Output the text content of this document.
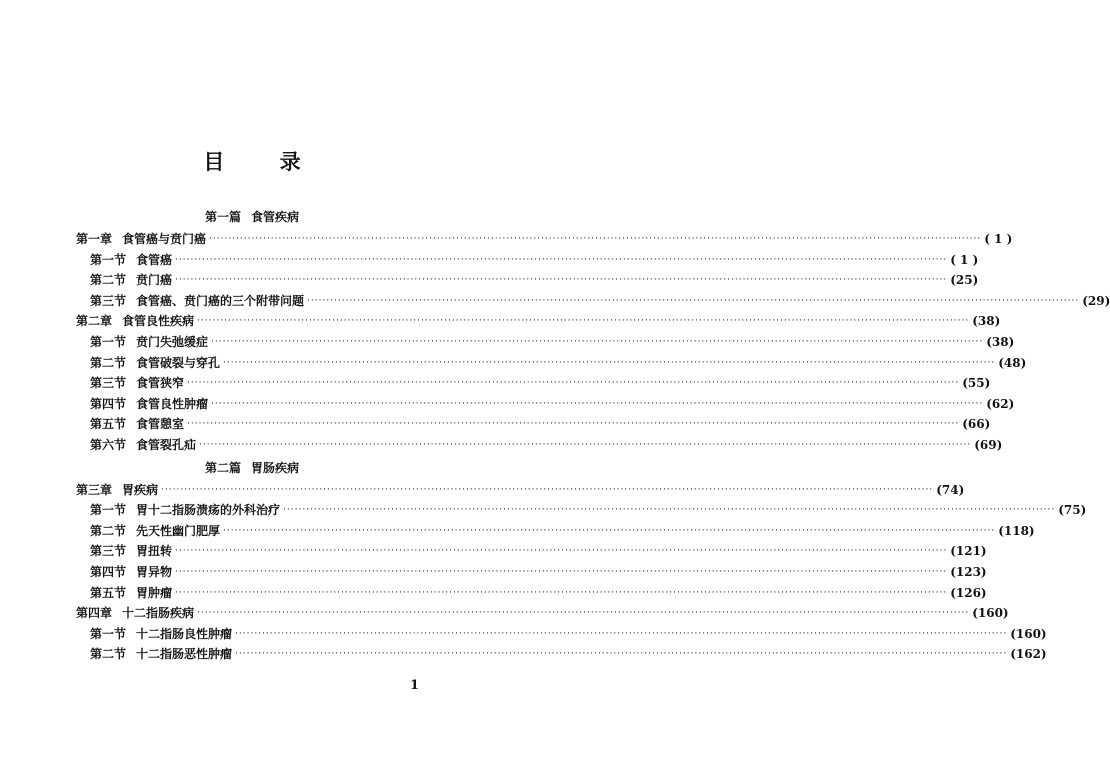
目 录
第一篇 食管疾病
第一章 食管癌与贲门癌 ········································································································································································································ ( 1 )
第一节 食管癌 ········································································································································································································ ( 1 )
第二节 贲门癌 ········································································································································································································ (25)
第三节 食管癌、贲门癌的三个附带问题 ········································································································································································································ (29)
第二章 食管良性疾病 ········································································································································································································ (38)
第一节 贲门失弛缓症 ········································································································································································································ (38)
第二节 食管破裂与穿孔 ········································································································································································································ (48)
第三节 食管狭窄 ········································································································································································································ (55)
第四节 食管良性肿瘤 ········································································································································································································ (62)
第五节 食管憩室 ········································································································································································································ (66)
第六节 食管裂孔疝 ········································································································································································································ (69)
第二篇 胃肠疾病
第三章 胃疾病 ········································································································································································································ (74)
第一节 胃十二指肠溃疡的外科治疗 ········································································································································································································ (75)
第二节 先天性幽门肥厚 ········································································································································································································ (118)
第三节 胃扭转 ········································································································································································································ (121)
第四节 胃异物 ········································································································································································································ (123)
第五节 胃肿瘤 ········································································································································································································ (126)
第四章 十二指肠疾病 ········································································································································································································ (160)
第一节 十二指肠良性肿瘤 ········································································································································································································ (160)
第二节 十二指肠恶性肿瘤 ········································································································································································································ (162)
1
